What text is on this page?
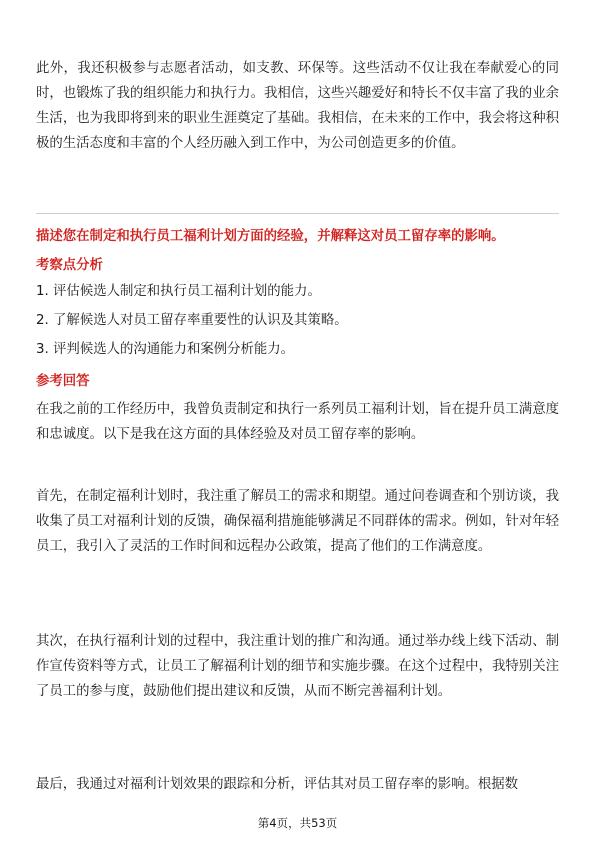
此外，我还积极参与志愿者活动，如支教、环保等。这些活动不仅让我在奉献爱心的同时，也锻炼了我的组织能力和执行力。我相信，这些兴趣爱好和特长不仅丰富了我的业余生活，也为我即将到来的职业生涯奠定了基础。我相信，在未来的工作中，我会将这种积极的生活态度和丰富的个人经历融入到工作中，为公司创造更多的价值。

描述您在制定和执行员工福利计划方面的经验，并解释这对员工留存率的影响。
考察点分析
1. 评估候选人制定和执行员工福利计划的能力。
2. 了解候选人对员工留存率重要性的认识及其策略。
3. 评判候选人的沟通能力和案例分析能力。
参考回答

在我之前的工作经历中，我曾负责制定和执行一系列员工福利计划，旨在提升员工满意度和忠诚度。以下是我在这方面的具体经验及对员工留存率的影响。

首先，在制定福利计划时，我注重了解员工的需求和期望。通过问卷调查和个别访谈，我收集了员工对福利计划的反馈，确保福利措施能够满足不同群体的需求。例如，针对年轻员工，我引入了灵活的工作时间和远程办公政策，提高了他们的工作满意度。

其次，在执行福利计划的过程中，我注重计划的推广和沟通。通过举办线上线下活动、制作宣传资料等方式，让员工了解福利计划的细节和实施步骤。在这个过程中，我特别关注了员工的参与度，鼓励他们提出建议和反馈，从而不断完善福利计划。

最后，我通过对福利计划效果的跟踪和分析，评估其对员工留存率的影响。根据数

第4页，共53页
